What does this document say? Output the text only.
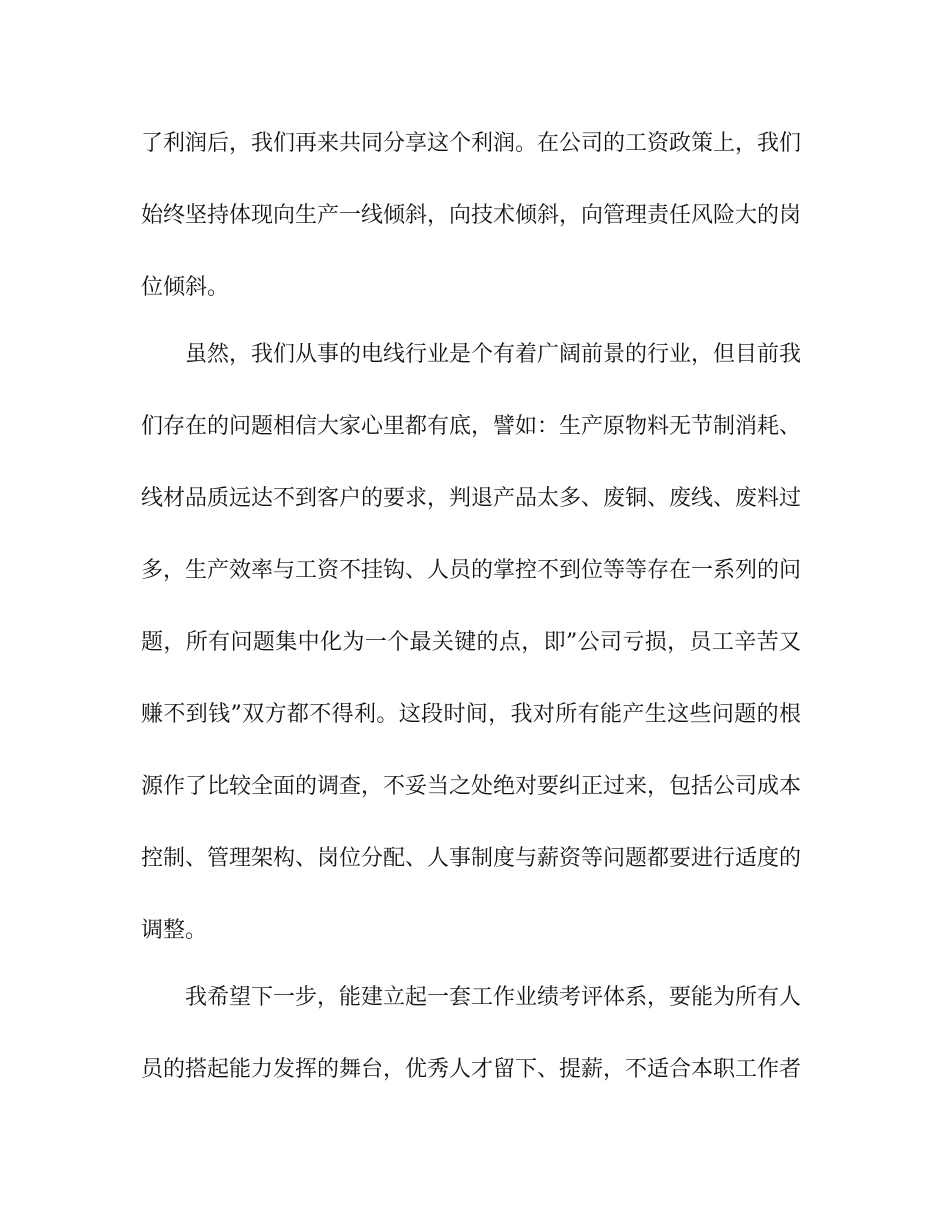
了利润后，我们再来共同分享这个利润。在公司的工资政策上，我们
始终坚持体现向生产一线倾斜，向技术倾斜，向管理责任风险大的岗
位倾斜。
虽然，我们从事的电线行业是个有着广阔前景的行业，但目前我
们存在的问题相信大家心里都有底，譬如：生产原物料无节制消耗、
线材品质远达不到客户的要求，判退产品太多、废铜、废线、废料过
多，生产效率与工资不挂钩、人员的掌控不到位等等存在一系列的问
题，所有问题集中化为一个最关键的点，即”公司亏损，员工辛苦又
赚不到钱”双方都不得利。这段时间，我对所有能产生这些问题的根
源作了比较全面的调查，不妥当之处绝对要纠正过来，包括公司成本
控制、管理架构、岗位分配、人事制度与薪资等问题都要进行适度的
调整。
我希望下一步，能建立起一套工作业绩考评体系，要能为所有人
员的搭起能力发挥的舞台，优秀人才留下、提薪，不适合本职工作者
